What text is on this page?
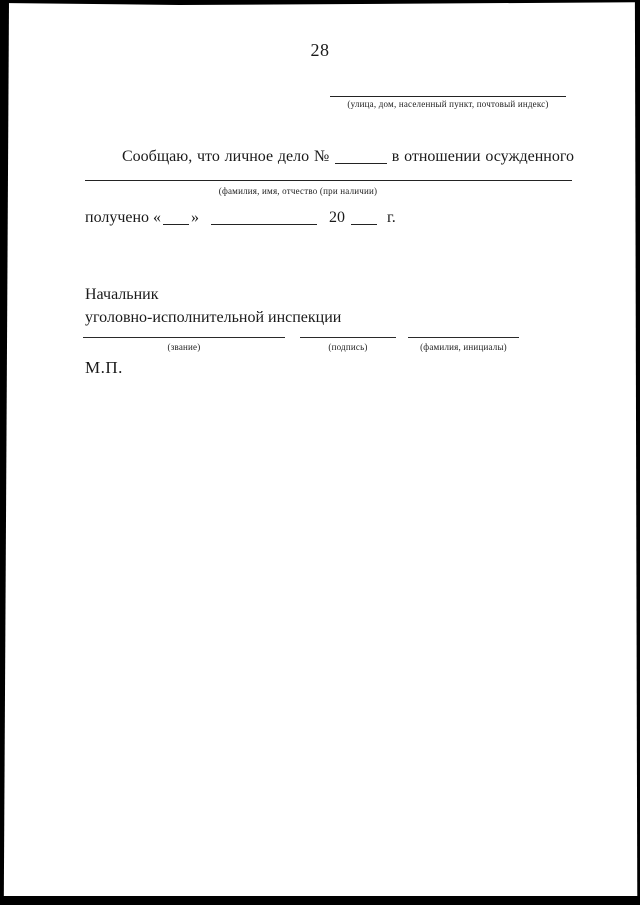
28
(улица, дом, населенный пункт, почтовый индекс)
Сообщаю, что личное дело №	в отношении осужденного
(фамилия, имя, отчество (при наличии)
получено « »	20	г.
Начальник
уголовно-исполнительной инспекции
(звание)	(подпись)	(фамилия, инициалы)
М.П.
